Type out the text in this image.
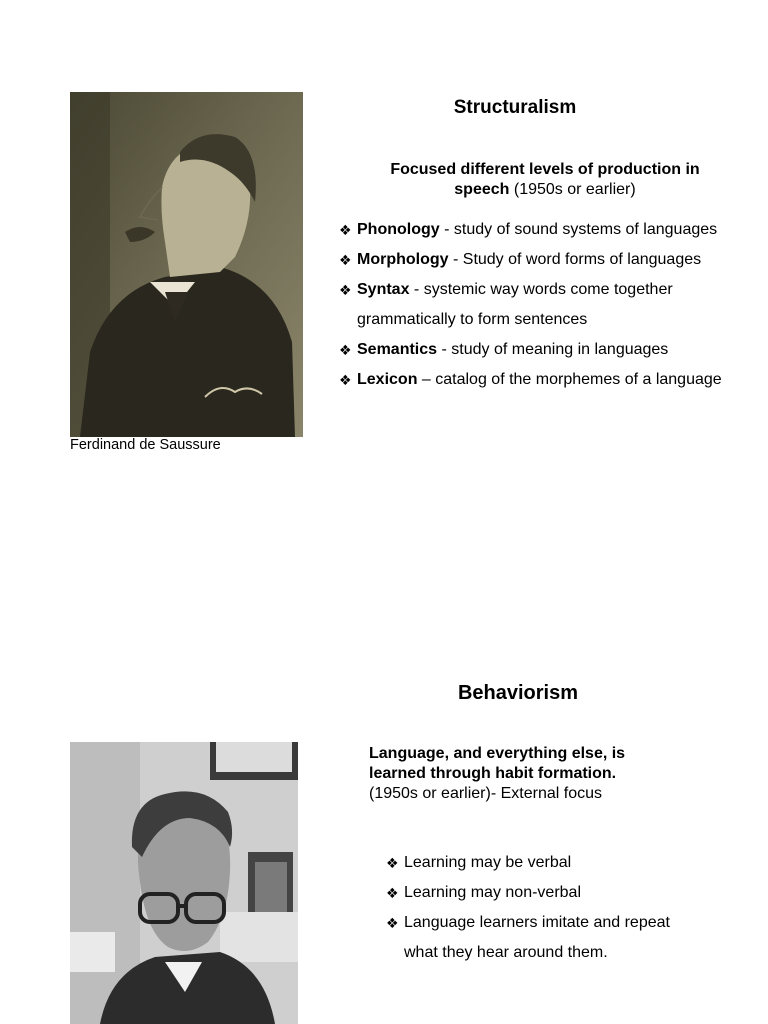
Ferdinand de Saussure
Structuralism
Focused different levels of production in speech (1950s or earlier)
❖ Phonology - study of sound systems of languages
❖ Morphology - Study of word forms of languages
❖ Syntax - systemic way words come together grammatically to form sentences
❖ Semantics - study of meaning in languages
❖ Lexicon – catalog of the morphemes of a language
Behaviorism
Language, and everything else, is learned through habit formation.
(1950s or earlier)- External focus
❖ Learning may be verbal
❖ Learning may non-verbal
❖ Language learners imitate and repeat what they hear around them.
